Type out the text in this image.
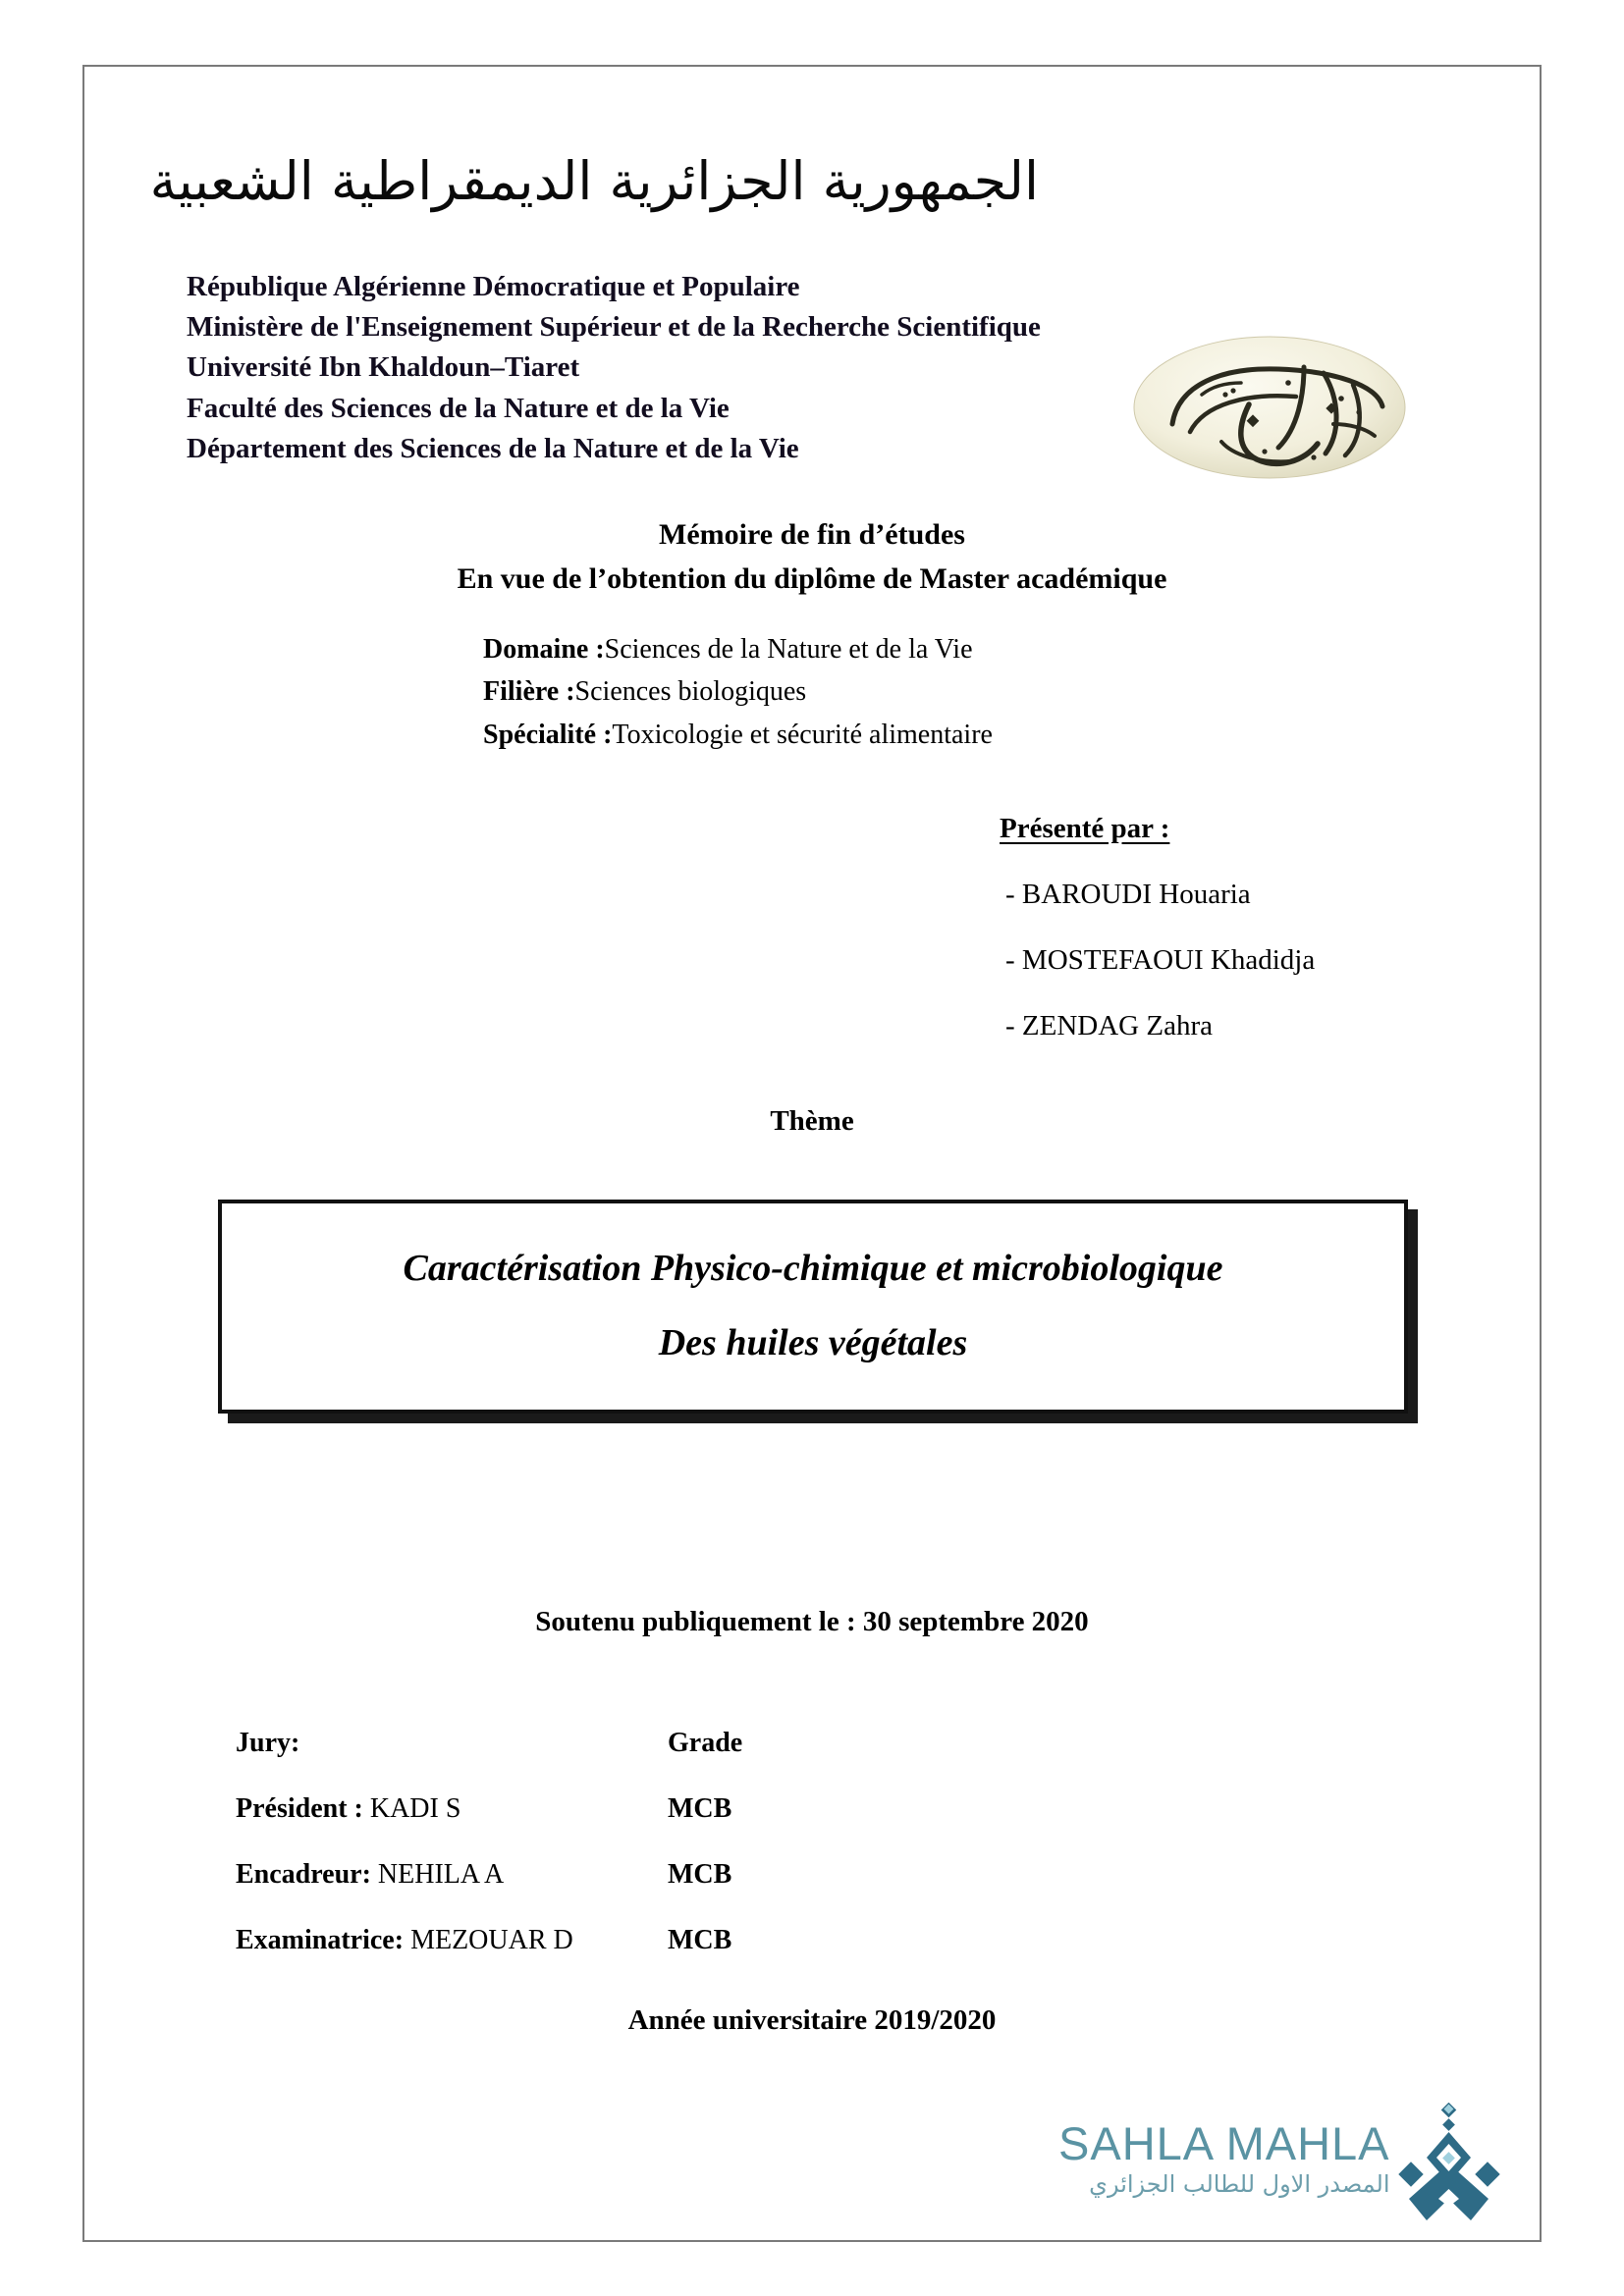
الجمهورية الجزائرية الديمقراطية الشعبية
République Algérienne Démocratique et Populaire
Ministère de l'Enseignement Supérieur et de la Recherche Scientifique
Université Ibn Khaldoun–Tiaret
Faculté des Sciences de la Nature et de la Vie
Département des Sciences de la Nature et de la Vie
Mémoire de fin d’études
En vue de l’obtention du diplôme de Master académique
Domaine :Sciences de la Nature et de la Vie
Filière :Sciences biologiques
Spécialité :Toxicologie et sécurité alimentaire
Présenté par :
- BAROUDI Houaria
- MOSTEFAOUI Khadidja
- ZENDAG Zahra
Thème
Caractérisation Physico-chimique et microbiologique
Des huiles végétales
Soutenu publiquement le : 30 septembre 2020
Jury:	Grade
Président : KADI S	MCB
Encadreur: NEHILA A	MCB
Examinatrice: MEZOUAR D	MCB
Année universitaire 2019/2020
SAHLA MAHLA
المصدر الاول للطالب الجزائري
